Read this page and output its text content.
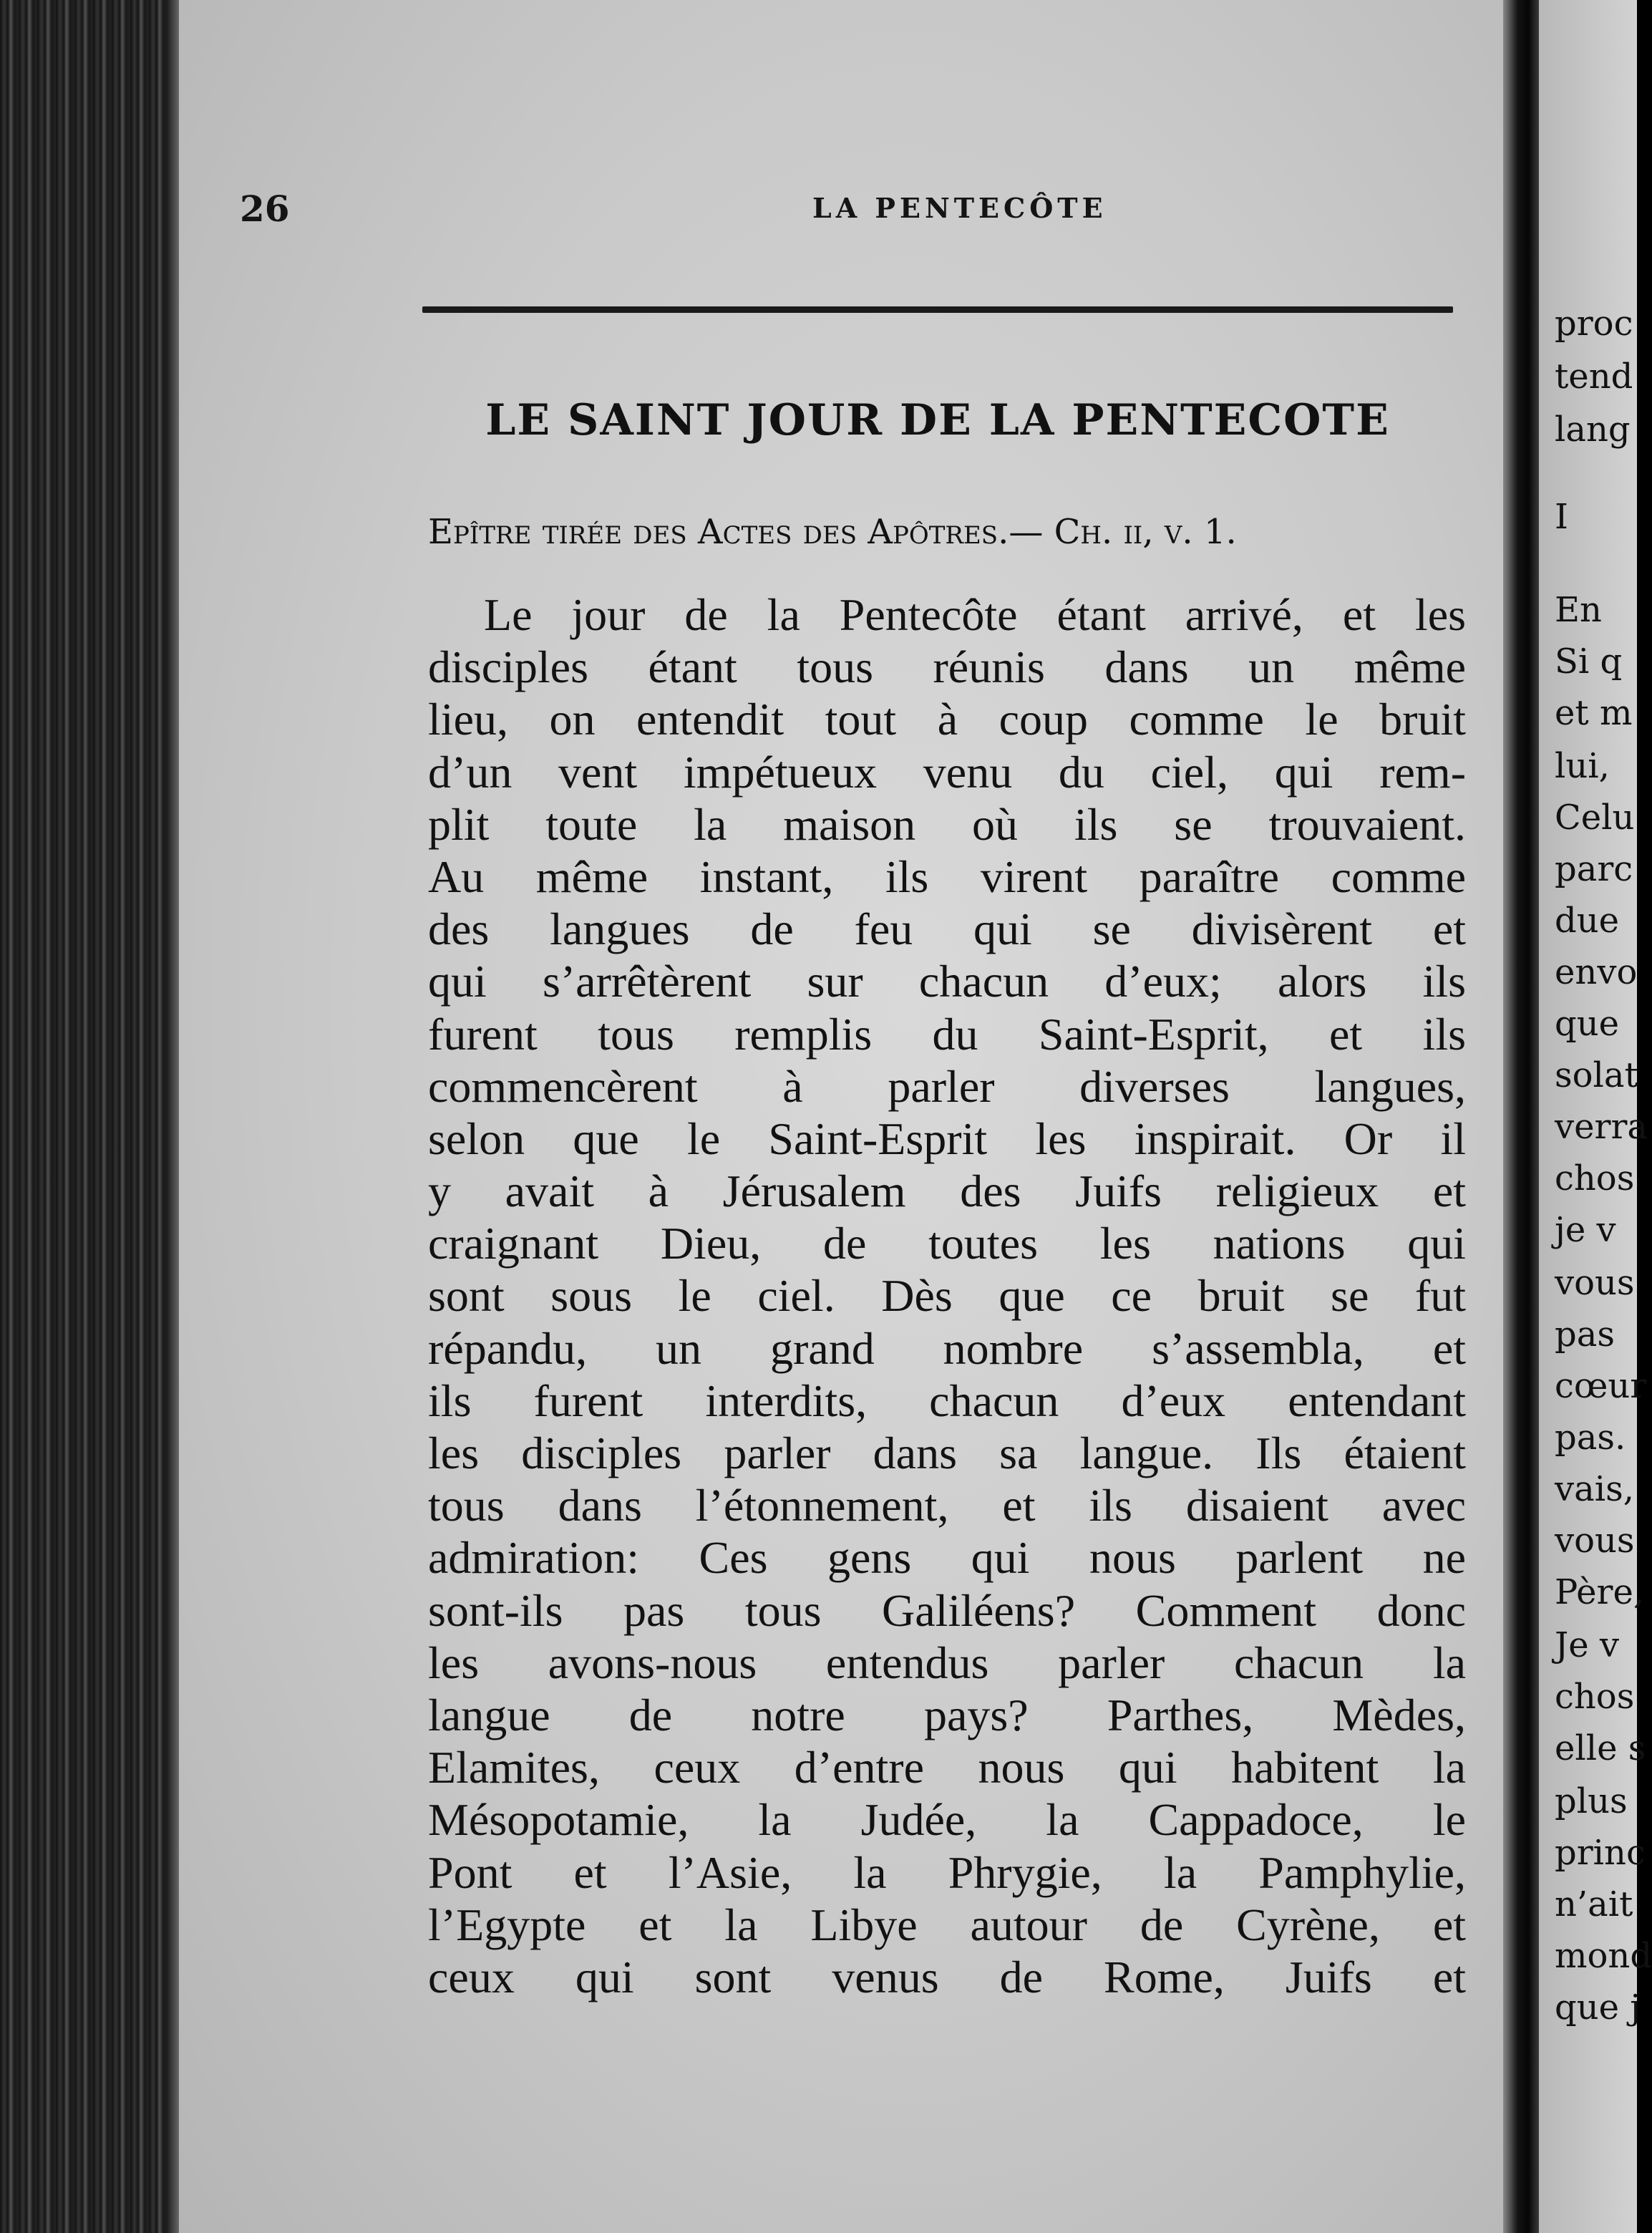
26	LA PENTECÔTE
LE SAINT JOUR DE LA PENTECOTE
Epître tirée des Actes des Apôtres.— Ch. ii, v. 1.
Le jour de la Pentecôte étant arrivé, et les
disciples étant tous réunis dans un même
lieu, on entendit tout à coup comme le bruit
d’un vent impétueux venu du ciel, qui rem-
plit toute la maison où ils se trouvaient.
Au même instant, ils virent paraître comme
des langues de feu qui se divisèrent et
qui s’arrêtèrent sur chacun d’eux; alors ils
furent tous remplis du Saint-Esprit, et ils
commencèrent à parler diverses langues,
selon que le Saint-Esprit les inspirait. Or il
y avait à Jérusalem des Juifs religieux et
craignant Dieu, de toutes les nations qui
sont sous le ciel. Dès que ce bruit se fut
répandu, un grand nombre s’assembla, et
ils furent interdits, chacun d’eux entendant
les disciples parler dans sa langue. Ils étaient
tous dans l’étonnement, et ils disaient avec
admiration: Ces gens qui nous parlent ne
sont-ils pas tous Galiléens? Comment donc
les avons-nous entendus parler chacun la
langue de notre pays? Parthes, Mèdes,
Elamites, ceux d’entre nous qui habitent la
Mésopotamie, la Judée, la Cappadoce, le
Pont et l’Asie, la Phrygie, la Pamphylie,
l’Egypte et la Libye autour de Cyrène, et
ceux qui sont venus de Rome, Juifs et
proc
tend
lang
I
En
Si q
et m
lui,
Celu
parc
due
envo
que
solat
verra
chos
je v
vous
pas
cœur
pas.
vais,
vous
Père,
Je v
chos
elle s
plus
princ
n’ait
mond
que j
